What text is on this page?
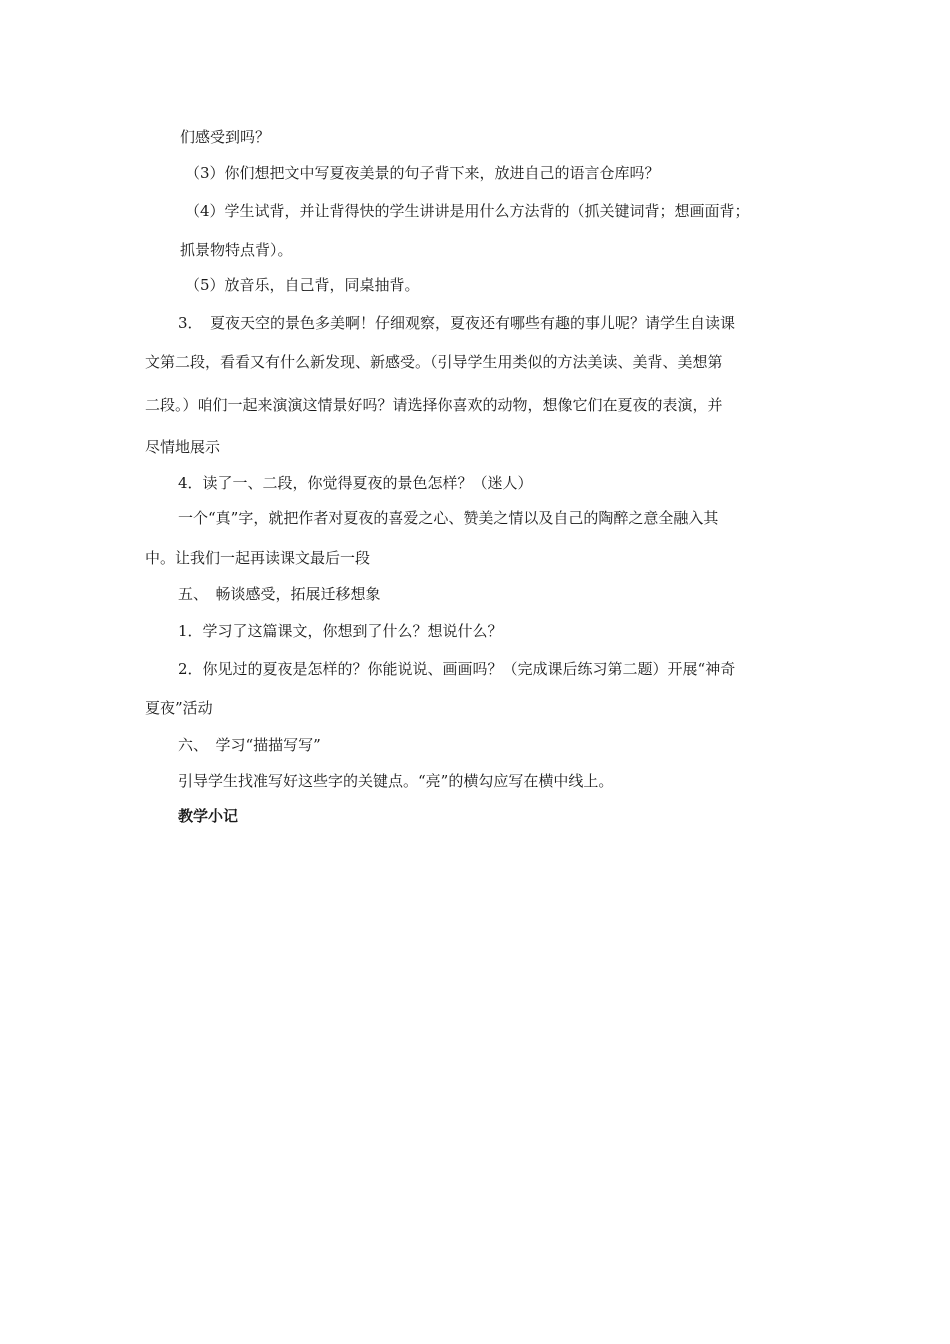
们感受到吗？
（3）你们想把文中写夏夜美景的句子背下来，放进自己的语言仓库吗？
（4）学生试背，并让背得快的学生讲讲是用什么方法背的（抓关键词背；想画面背；
抓景物特点背）。
（5）放音乐，自己背，同桌抽背。
3．　夏夜天空的景色多美啊！仔细观察，夏夜还有哪些有趣的事儿呢？请学生自读课
文第二段，看看又有什么新发现、新感受。（引导学生用类似的方法美读、美背、美想第
二段。）咱们一起来演演这情景好吗？请选择你喜欢的动物，想像它们在夏夜的表演，并
尽情地展示
4．读了一、二段，你觉得夏夜的景色怎样？（迷人）
一个“真”字，就把作者对夏夜的喜爱之心、赞美之情以及自己的陶醉之意全融入其
中。让我们一起再读课文最后一段
五、　畅谈感受，拓展迁移想象
1．学习了这篇课文，你想到了什么？想说什么？
2．你见过的夏夜是怎样的？你能说说、画画吗？（完成课后练习第二题）开展“神奇
夏夜”活动
六、　学习“描描写写”
引导学生找准写好这些字的关键点。“亮”的横勾应写在横中线上。
教学小记
